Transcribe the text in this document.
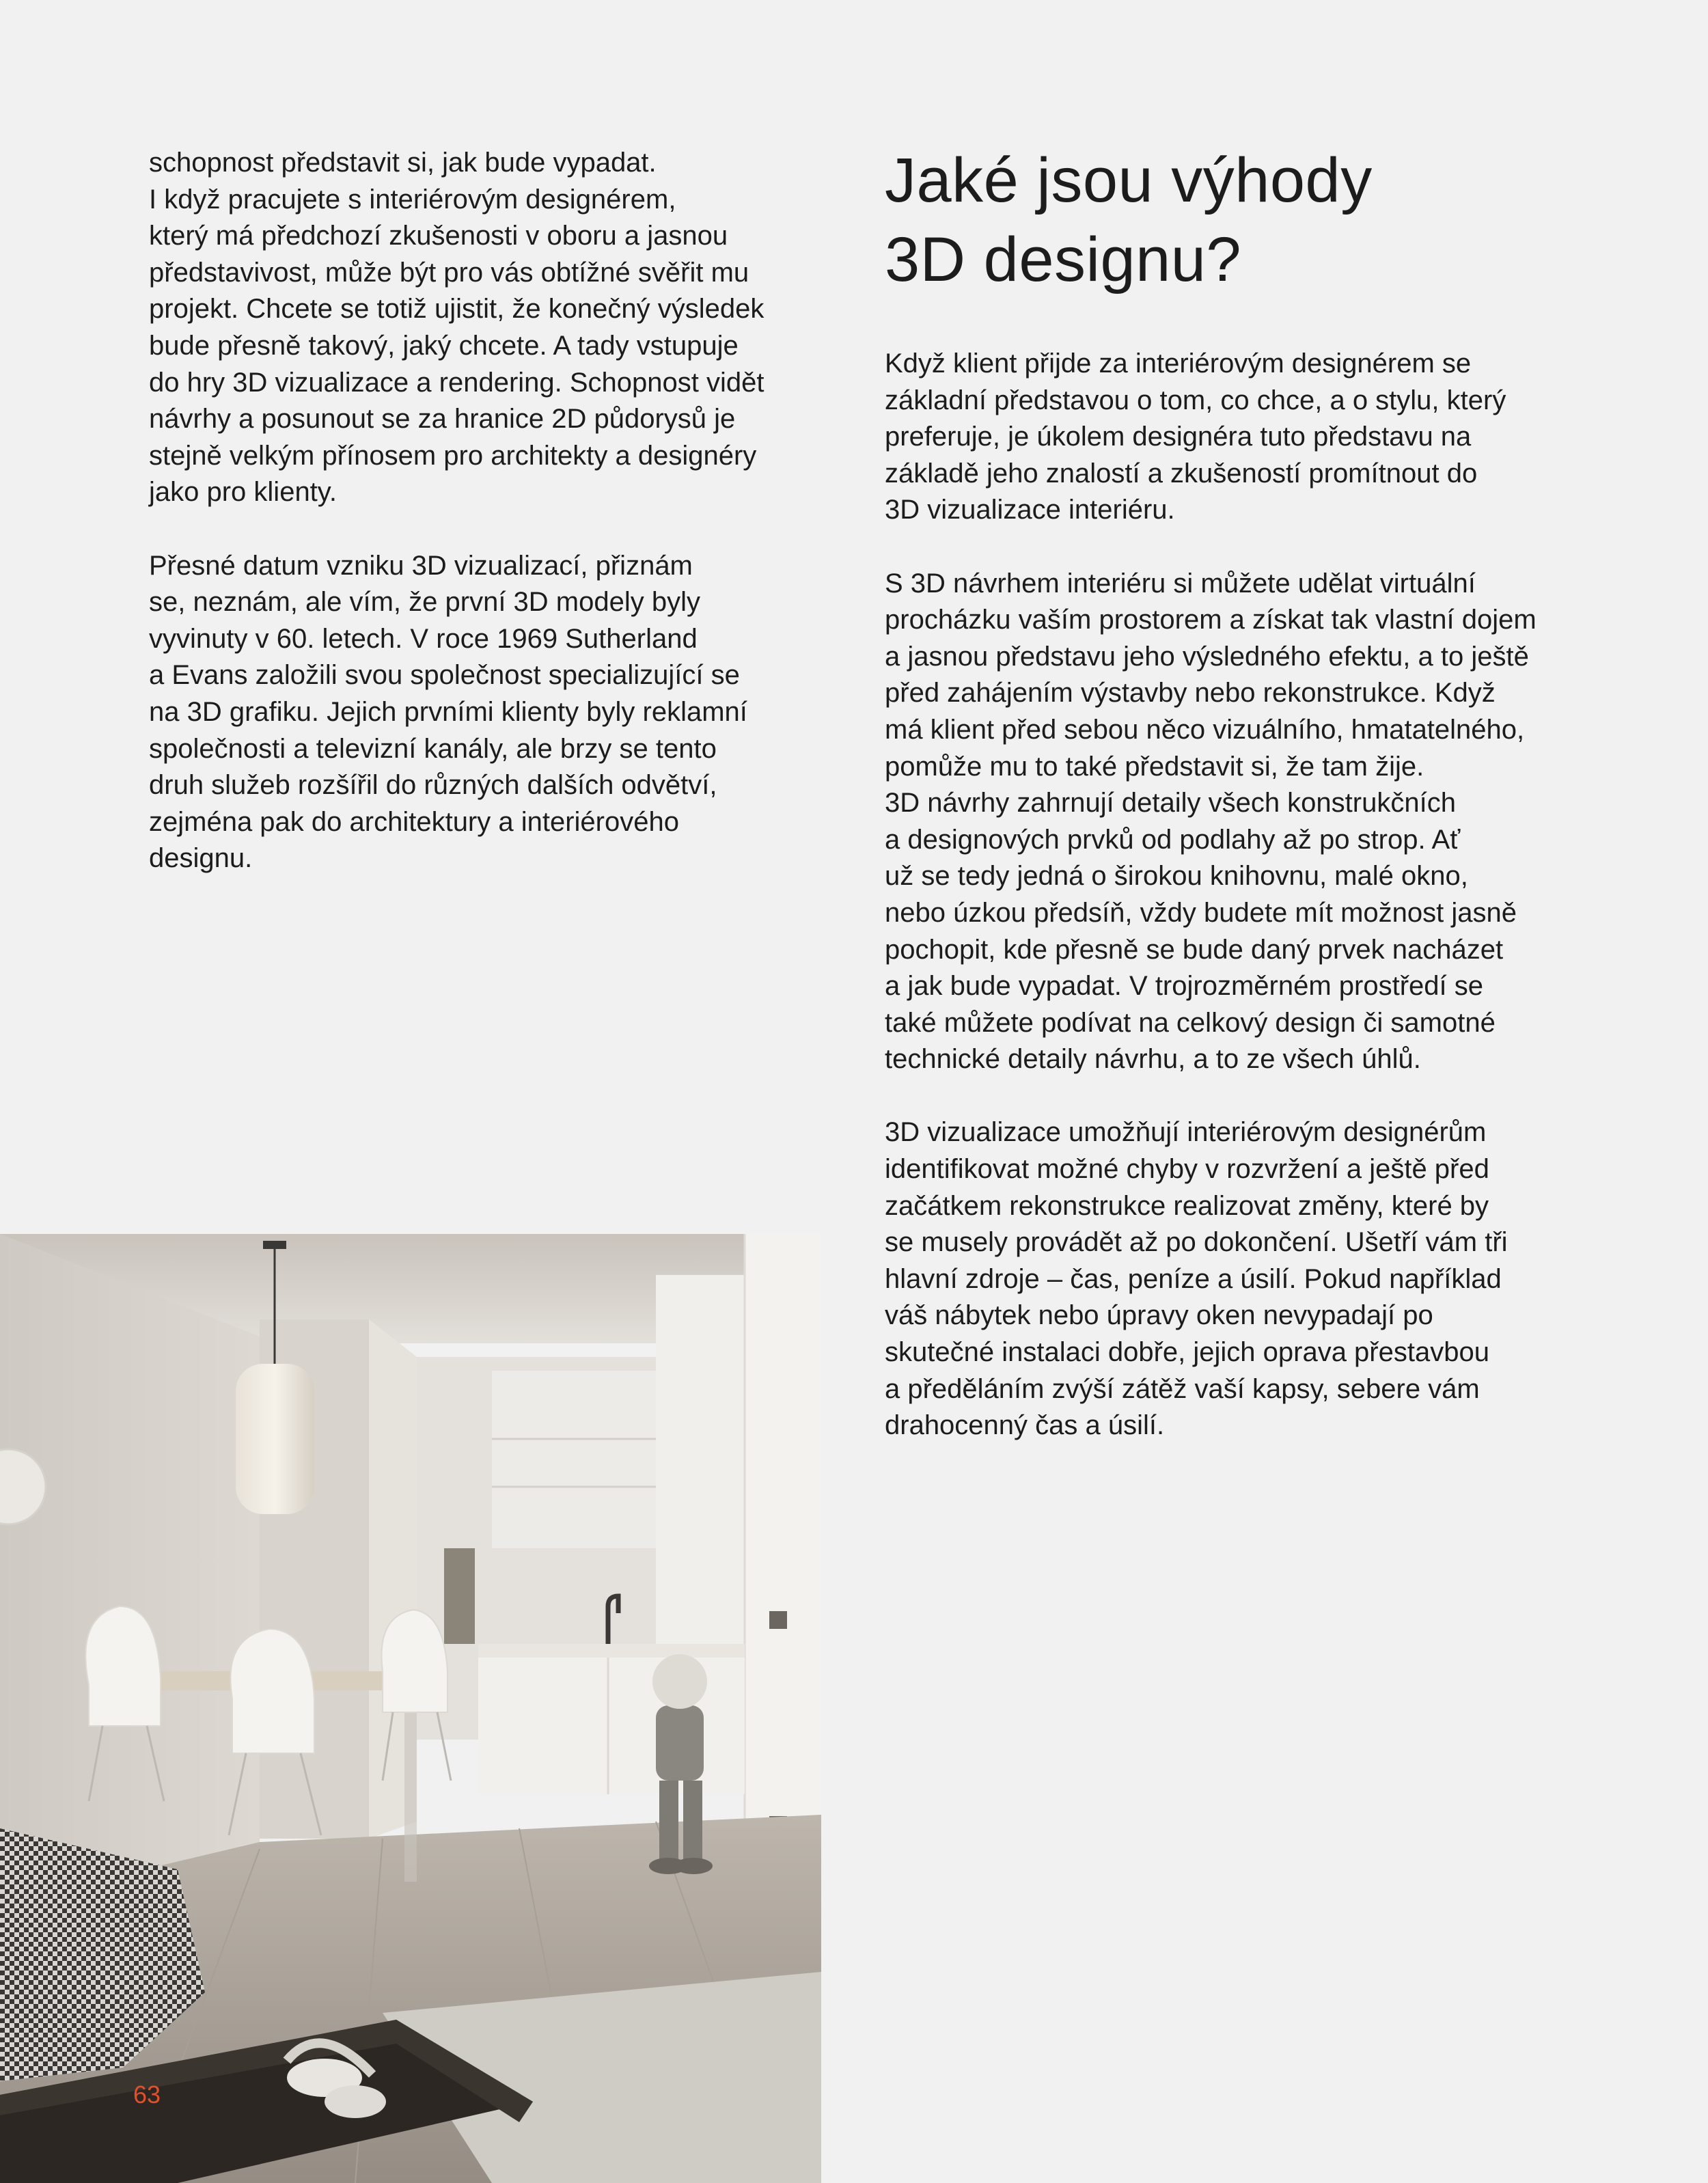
schopnost představit si, jak bude vypadat.
I když pracujete s interiérovým designérem,
který má předchozí zkušenosti v oboru a jasnou
představivost, může být pro vás obtížné svěřit mu
projekt. Chcete se totiž ujistit, že konečný výsledek
bude přesně takový, jaký chcete. A tady vstupuje
do hry 3D vizualizace a rendering. Schopnost vidět
návrhy a posunout se za hranice 2D půdorysů je
stejně velkým přínosem pro architekty a designéry
jako pro klienty.

Přesné datum vzniku 3D vizualizací, přiznám
se, neznám, ale vím, že první 3D modely byly
vyvinuty v 60. letech. V roce 1969 Sutherland
a Evans založili svou společnost specializující se
na 3D grafiku. Jejich prvními klienty byly reklamní
společnosti a televizní kanály, ale brzy se tento
druh služeb rozšířil do různých dalších odvětví,
zejména pak do architektury a interiérového
designu.

Jaké jsou výhody
3D designu?

Když klient přijde za interiérovým designérem se
základní představou o tom, co chce, a o stylu, který
preferuje, je úkolem designéra tuto představu na
základě jeho znalostí a zkušeností promítnout do
3D vizualizace interiéru.

S 3D návrhem interiéru si můžete udělat virtuální
procházku vaším prostorem a získat tak vlastní dojem
a jasnou představu jeho výsledného efektu, a to ještě
před zahájením výstavby nebo rekonstrukce. Když
má klient před sebou něco vizuálního, hmatatelného,
pomůže mu to také představit si, že tam žije.
3D návrhy zahrnují detaily všech konstrukčních
a designových prvků od podlahy až po strop. Ať
už se tedy jedná o širokou knihovnu, malé okno,
nebo úzkou předsíň, vždy budete mít možnost jasně
pochopit, kde přesně se bude daný prvek nacházet
a jak bude vypadat. V trojrozměrném prostředí se
také můžete podívat na celkový design či samotné
technické detaily návrhu, a to ze všech úhlů.

3D vizualizace umožňují interiérovým designérům
identifikovat možné chyby v rozvržení a ještě před
začátkem rekonstrukce realizovat změny, které by
se musely provádět až po dokončení. Ušetří vám tři
hlavní zdroje – čas, peníze a úsilí. Pokud například
váš nábytek nebo úpravy oken nevypadají po
skutečné instalaci dobře, jejich oprava přestavbou
a předěláním zvýší zátěž vaší kapsy, sebere vám
drahocenný čas a úsilí.

63
